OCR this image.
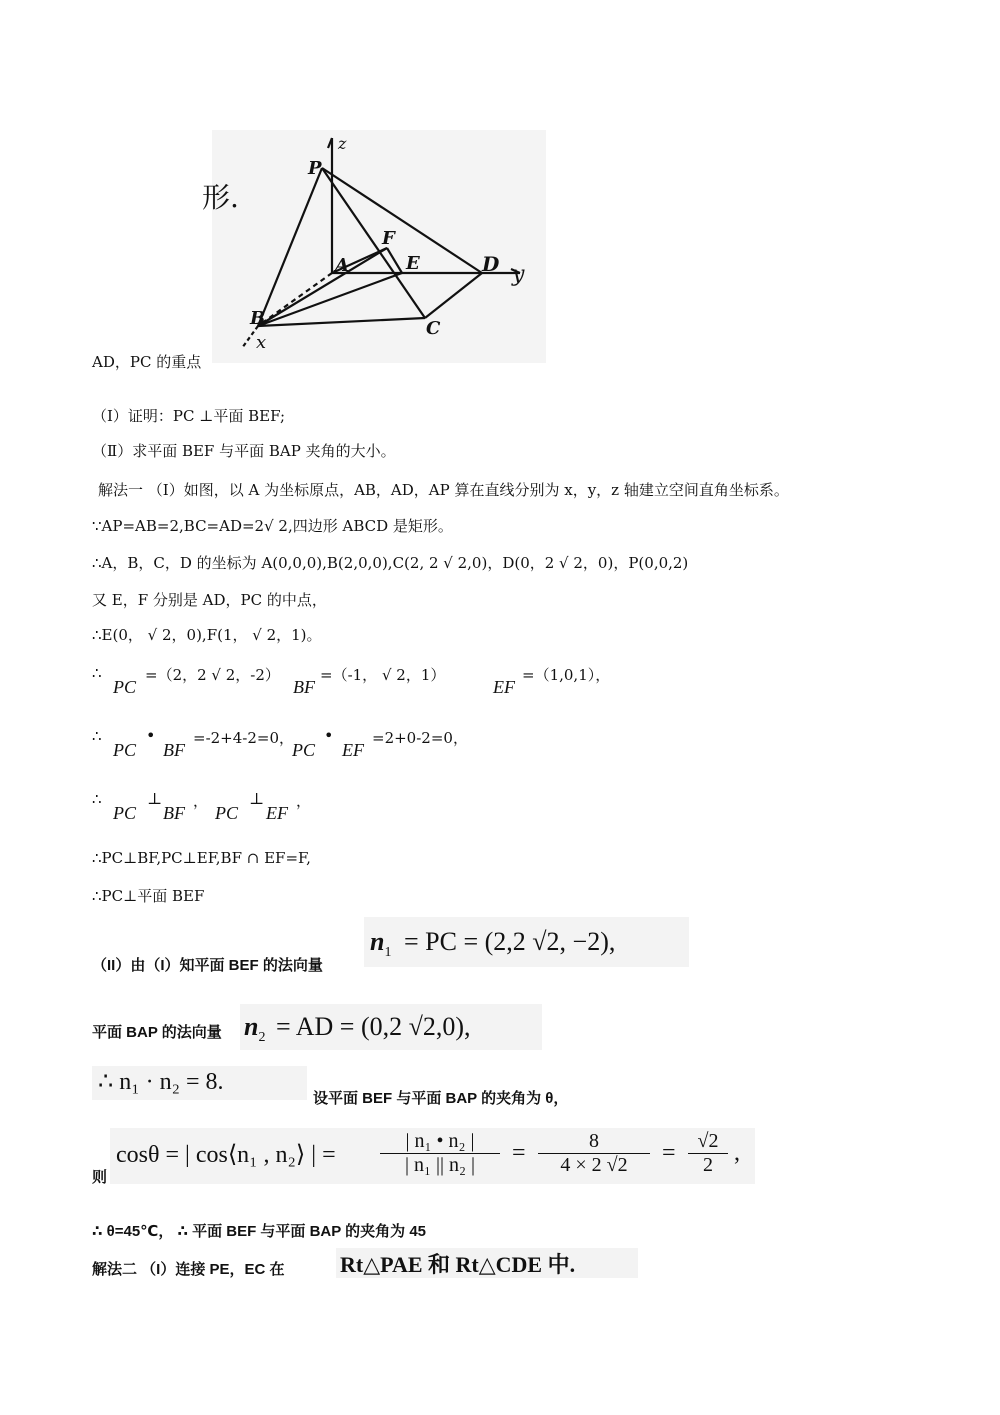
形.
z
P
F
A	E	D y
B	C
x
AD，PC 的重点
（Ⅰ）证明：PC ⊥平面 BEF;
（Ⅱ）求平面 BEF 与平面 BAP 夹角的大小。
解法一 （Ⅰ）如图，以 A 为坐标原点，AB，AD，AP 算在直线分别为 x，y，z 轴建立空间直角坐标系。
∵AP=AB=2,BC=AD=2√ 2,四边形 ABCD 是矩形。
∴A，B，C，D 的坐标为 A(0,0,0),B(2,0,0),C(2, 2 √ 2,0)，D(0，2 √ 2，0)，P(0,0,2)
又 E，F 分别是 AD，PC 的中点，
∴E(0， √ 2，0),F(1， √ 2，1)。
∴
PC
=（2，2 √ 2，-2）
BF
=（-1， √ 2，1）
EF
=（1,0,1），
∴
PC
•
BF
=-2+4-2=0，
PC
•
EF
=2+0-2=0，
∴
PC
⊥
BF
，
PC
⊥
EF
，
∴PC⊥BF,PC⊥EF,BF ∩ EF=F,
∴PC⊥平面 BEF
（II）由（I）知平面 BEF 的法向量
$n_1$ = PC = (2,2 √2, −2),
平面 BAP 的法向量 $n_2$ = AD = (0,2 √2,0),
∴ n₁ · n₂ = 8.
设平面 BEF 与平面 BAP 的夹角为 θ，
则
cosθ = | cos⟨n₁ , n₂⟩ | = $\frac{\text{| n₁ • n₂ |}}{\text{| n₁ || n₂ |}} = \frac{8}{4 \times 2 √2} = \frac{√2}{2}$ ,
∴ θ=45℃， ∴ 平面 BEF 与平面 BAP 的夹角为 45
解法二 （I）连接 PE，EC 在	Rt△PAE 和 Rt△CDE 中.
